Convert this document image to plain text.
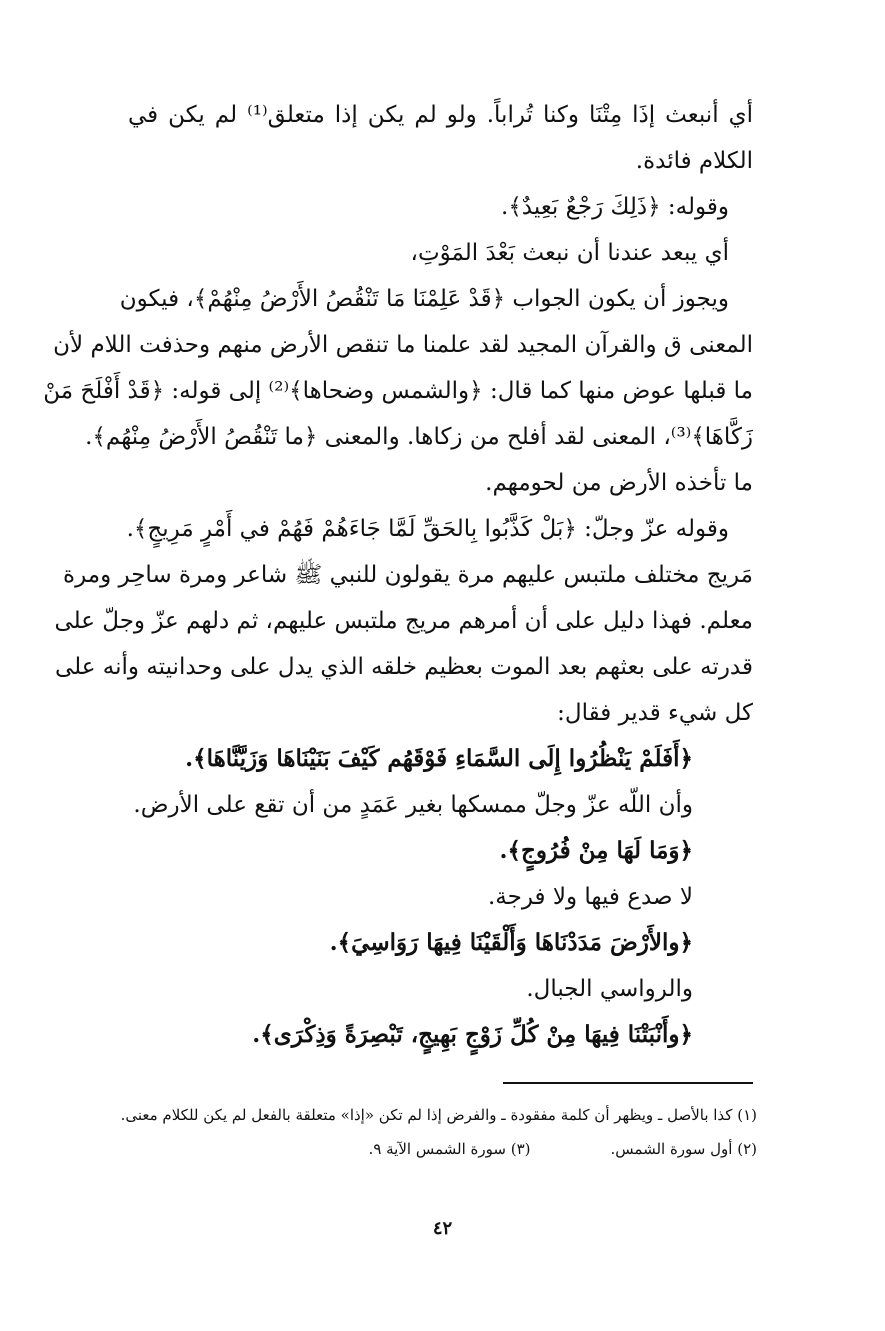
أي أنبعث إذَا مِتْنَا وكنا تُراباً. ولو لم يكن إذا متعلق⁽¹⁾ لم يكن في
الكلام فائدة.
وقوله: ﴿ذَلِكَ رَجْعٌ بَعِيدٌ﴾.
أي يبعد عندنا أن نبعث بَعْدَ المَوْتِ،
ويجوز أن يكون الجواب ﴿قَدْ عَلِمْنَا مَا تَنْقُصُ الأَرْضُ مِنْهُمْ﴾، فيكون
المعنى ق والقرآن المجيد لقد علمنا ما تنقص الأرض منهم وحذفت اللام لأن
ما قبلها عوض منها كما قال: ﴿والشمس وضحاها﴾⁽²⁾ إلى قوله: ﴿قَدْ أَفْلَحَ مَنْ
زَكَّاهَا﴾⁽³⁾، المعنى لقد أفلح من زكاها. والمعنى ﴿ما تَنْقُصُ الأَرْضُ مِنْهُم﴾.
ما تأخذه الأرض من لحومهم.
وقوله عزّ وجلّ: ﴿بَلْ كَذَّبُوا بِالحَقِّ لَمَّا جَاءَهُمْ فَهُمْ في أَمْرٍ مَرِيجٍ﴾.
مَريج مختلف ملتبس عليهم مرة يقولون للنبي ﷺ شاعر ومرة ساحِر ومرة
معلم. فهذا دليل على أن أمرهم مريج ملتبس عليهم، ثم دلهم عزّ وجلّ على
قدرته على بعثهم بعد الموت بعظيم خلقه الذي يدل على وحدانيته وأنه على
كل شيء قدير فقال:
﴿أَفَلَمْ يَنْظُرُوا إِلَى السَّمَاءِ فَوْقَهُم كَيْفَ بَنَيْنَاهَا وَزَيَّنَّاهَا﴾.
وأن اللّه عزّ وجلّ ممسكها بغير عَمَدٍ من أن تقع على الأرض.
﴿وَمَا لَهَا مِنْ فُرُوجٍ﴾.
لا صدع فيها ولا فرجة.
﴿والأَرْضَ مَدَدْنَاهَا وَأَلْقَيْنَا فِيهَا رَوَاسِيَ﴾.
والرواسي الجبال.
﴿وأَنْبَتْنَا فِيهَا مِنْ كُلِّ زَوْجٍ بَهِيجٍ، تَبْصِرَةً وَذِكْرَى﴾.
(١) كذا بالأصل ـ ويظهر أن كلمة مفقودة ـ والفرض إذا لم تكن «إذا» متعلقة بالفعل لم يكن للكلام معنى.
(٢) أول سورة الشمس.(٣) سورة الشمس الآية ٩.
٤٢
